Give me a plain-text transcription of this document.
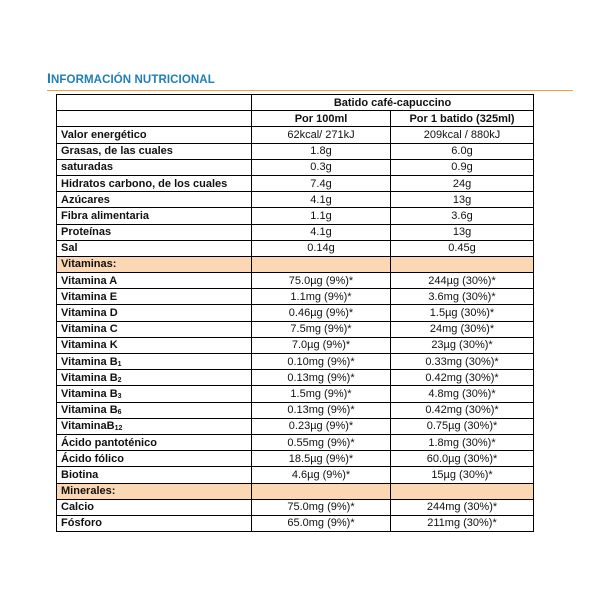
INFORMACIÓN NUTRICIONAL
	Batido café-capuccino	
	Por 100ml	Por 1 batido (325ml)
Valor energético	62kcal/ 271kJ	209kcal / 880kJ
Grasas, de las cuales	1.8g	6.0g
saturadas	0.3g	0.9g
Hidratos carbono, de los cuales	7.4g	24g
Azúcares	4.1g	13g
Fibra alimentaria	1.1g	3.6g
Proteínas	4.1g	13g
Sal	0.14g	0.45g
Vitaminas:		
Vitamina A	75.0µg (9%)*	244µg (30%)*
Vitamina E	1.1mg (9%)*	3.6mg (30%)*
Vitamina D	0.46µg (9%)*	1.5µg (30%)*
Vitamina C	7.5mg (9%)*	24mg (30%)*
Vitamina K	7.0µg (9%)*	23µg (30%)*
Vitamina $B_1$	0.10mg (9%)*	0.33mg (30%)*
Vitamina $B_2$	0.13mg (9%)*	0.42mg (30%)*
Vitamina $B_3$	1.5mg (9%)*	4.8mg (30%)*
Vitamina $B_6$	0.13mg (9%)*	0.42mg (30%)*
VitaminaB$_{12}$	0.23µg (9%)*	0.75µg (30%)*
Ácido pantoténico	0.55mg (9%)*	1.8mg (30%)*
Ácido fólico	18.5µg (9%)*	60.0µg (30%)*
Biotina	4.6µg (9%)*	15µg (30%)*
Minerales:		
Calcio	75.0mg (9%)*	244mg (30%)*
Fósforo	65.0mg (9%)*	211mg (30%)*
